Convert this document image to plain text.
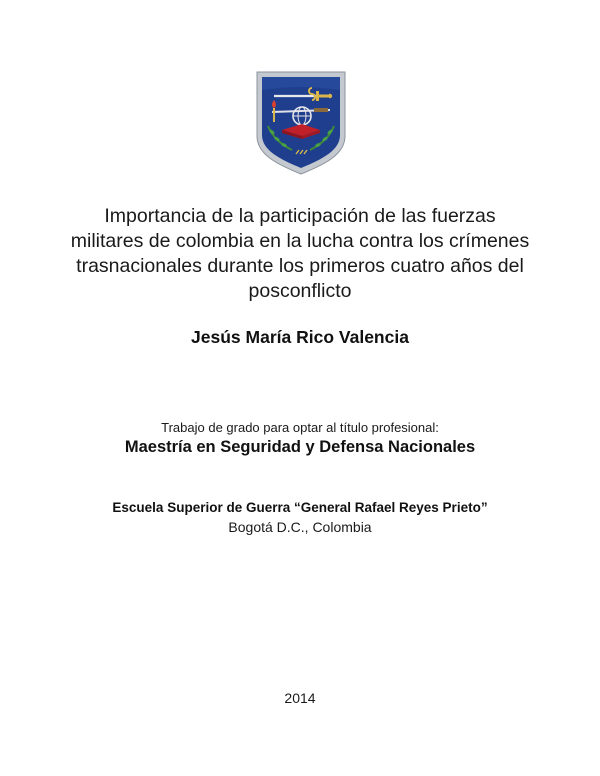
Importancia de la participación de las fuerzas
militares de colombia en la lucha contra los crímenes
trasnacionales durante los primeros cuatro años del
posconflicto
Jesús María Rico Valencia
Trabajo de grado para optar al título profesional:
Maestría en Seguridad y Defensa Nacionales
Escuela Superior de Guerra “General Rafael Reyes Prieto”
Bogotá D.C., Colombia
2014
